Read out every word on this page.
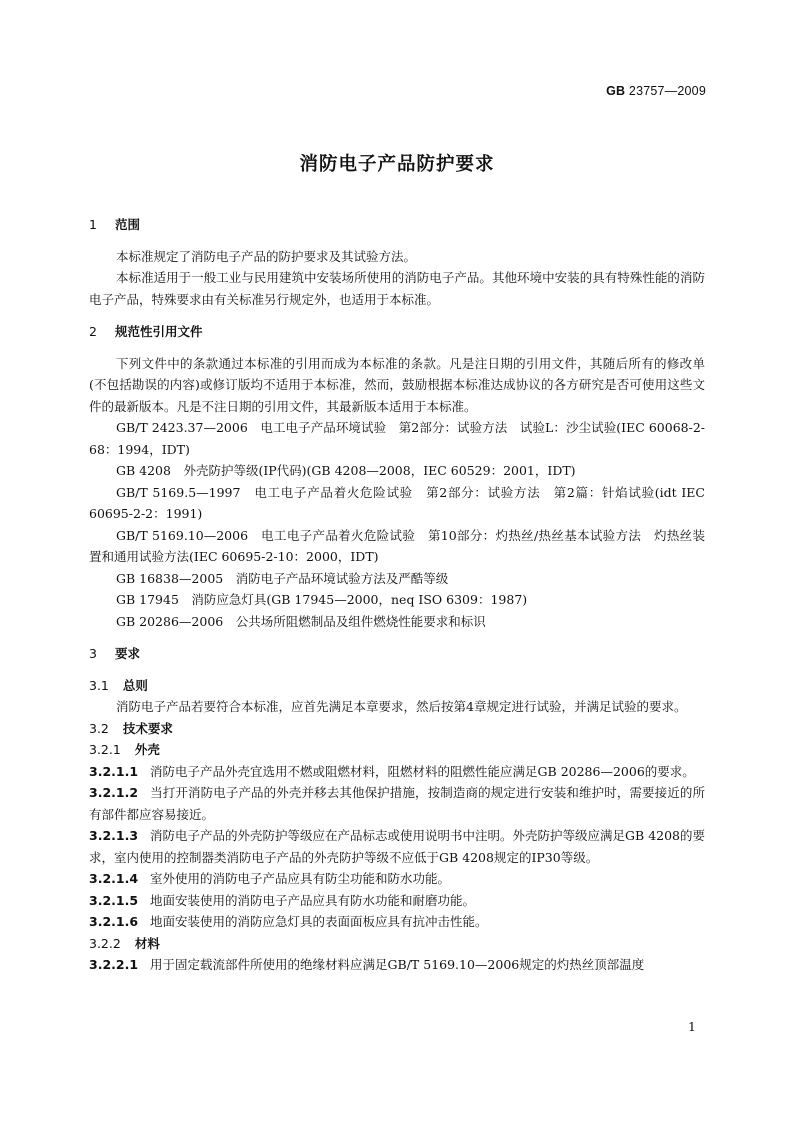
GB 23757—2009
消防电子产品防护要求

1 范围

本标准规定了消防电子产品的防护要求及其试验方法。

本标准适用于一般工业与民用建筑中安装场所使用的消防电子产品。其他环境中安装的具有特殊性能的消防电子产品，特殊要求由有关标准另行规定外，也适用于本标准。

2 规范性引用文件

下列文件中的条款通过本标准的引用而成为本标准的条款。凡是注日期的引用文件，其随后所有的修改单(不包括勘误的内容)或修订版均不适用于本标准，然而，鼓励根据本标准达成协议的各方研究是否可使用这些文件的最新版本。凡是不注日期的引用文件，其最新版本适用于本标准。

GB/T 2423.37—2006　电工电子产品环境试验　第2部分：试验方法　试验L：沙尘试验(IEC 60068-2-68：1994，IDT)

GB 4208　外壳防护等级(IP代码)(GB 4208—2008，IEC 60529：2001，IDT)

GB/T 5169.5—1997　电工电子产品着火危险试验　第2部分：试验方法　第2篇：针焰试验(idt IEC 60695-2-2：1991)

GB/T 5169.10—2006　电工电子产品着火危险试验　第10部分：灼热丝/热丝基本试验方法　灼热丝装置和通用试验方法(IEC 60695-2-10：2000，IDT)

GB 16838—2005　消防电子产品环境试验方法及严酷等级

GB 17945　消防应急灯具(GB 17945—2000，neq ISO 6309：1987)

GB 20286—2006　公共场所阻燃制品及组件燃烧性能要求和标识

3 要求

3.1 总则

消防电子产品若要符合本标准，应首先满足本章要求，然后按第4章规定进行试验，并满足试验的要求。

3.2 技术要求

3.2.1 外壳

3.2.1.1 消防电子产品外壳宜选用不燃或阻燃材料，阻燃材料的阻燃性能应满足GB 20286—2006的要求。

3.2.1.2 当打开消防电子产品的外壳并移去其他保护措施，按制造商的规定进行安装和维护时，需要接近的所有部件都应容易接近。

3.2.1.3 消防电子产品的外壳防护等级应在产品标志或使用说明书中注明。外壳防护等级应满足GB 4208的要求，室内使用的控制器类消防电子产品的外壳防护等级不应低于GB 4208规定的IP30等级。

3.2.1.4 室外使用的消防电子产品应具有防尘功能和防水功能。

3.2.1.5 地面安装使用的消防电子产品应具有防水功能和耐磨功能。

3.2.1.6 地面安装使用的消防应急灯具的表面面板应具有抗冲击性能。

3.2.2 材料

3.2.2.1 用于固定载流部件所使用的绝缘材料应满足GB/T 5169.10—2006规定的灼热丝顶部温度

1
